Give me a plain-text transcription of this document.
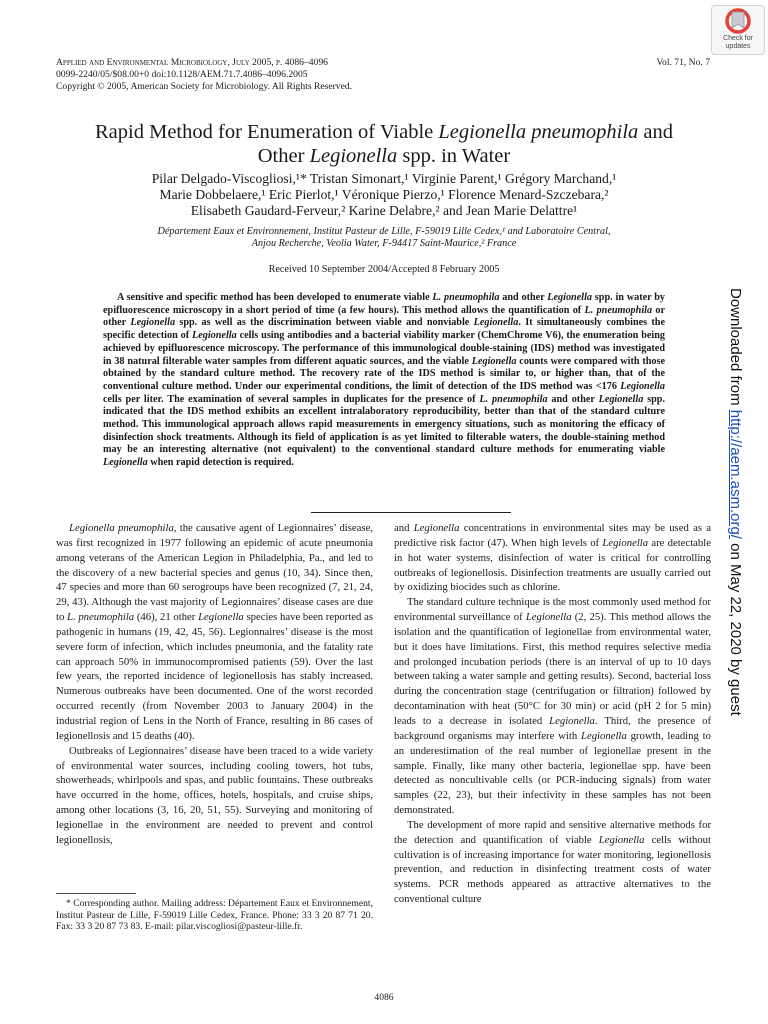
Applied and Environmental Microbiology, July 2005, p. 4086–4096	Vol. 71, No. 7
0099-2240/05/$08.00+0 doi:10.1128/AEM.71.7.4086–4096.2005
Copyright © 2005, American Society for Microbiology. All Rights Reserved.
Check for
updates
Rapid Method for Enumeration of Viable Legionella pneumophila and
Other Legionella spp. in Water
Pilar Delgado-Viscogliosi,¹* Tristan Simonart,¹ Virginie Parent,¹ Grégory Marchand,¹
Marie Dobbelaere,¹ Eric Pierlot,¹ Véronique Pierzo,¹ Florence Menard-Szczebara,²
Elisabeth Gaudard-Ferveur,² Karine Delabre,² and Jean Marie Delattre¹
Département Eaux et Environnement, Institut Pasteur de Lille, F-59019 Lille Cedex,¹ and Laboratoire Central,
Anjou Recherche, Veolia Water, F-94417 Saint-Maurice,² France
Received 10 September 2004/Accepted 8 February 2005

A sensitive and specific method has been developed to enumerate viable L. pneumophila and other Legionella spp. in water by epifluorescence microscopy in a short period of time (a few hours). This method allows the quantification of L. pneumophila or other Legionella spp. as well as the discrimination between viable and nonviable Legionella. It simultaneously combines the specific detection of Legionella cells using antibodies and a bacterial viability marker (ChemChrome V6), the enumeration being achieved by epifluorescence microscopy. The performance of this immunological double-staining (IDS) method was investigated in 38 natural filterable water samples from different aquatic sources, and the viable Legionella counts were compared with those obtained by the standard culture method. The recovery rate of the IDS method is similar to, or higher than, that of the conventional culture method. Under our experimental conditions, the limit of detection of the IDS method was <176 Legionella cells per liter. The examination of several samples in duplicates for the presence of L. pneumophila and other Legionella spp. indicated that the IDS method exhibits an excellent intralaboratory reproducibility, better than that of the standard culture method. This immunological approach allows rapid measurements in emergency situations, such as monitoring the efficacy of disinfection shock treatments. Although its field of application is as yet limited to filterable waters, the double-staining method may be an interesting alternative (not equivalent) to the conventional standard culture methods for enumerating viable Legionella when rapid detection is required.

Legionella pneumophila, the causative agent of Legionnaires’ disease, was first recognized in 1977 following an epidemic of acute pneumonia among veterans of the American Legion in Philadelphia, Pa., and led to the discovery of a new bacterial species and genus (10, 34). Since then, 47 species and more than 60 serogroups have been recognized (7, 21, 24, 29, 43). Although the vast majority of Legionnaires’ disease cases are due to L. pneumophila (46), 21 other Legionella species have been reported as pathogenic in humans (19, 42, 45, 56). Legionnaires’ disease is the most severe form of infection, which includes pneumonia, and the fatality rate can approach 50% in immunocompromised patients (59). Over the last few years, the reported incidence of legionellosis has stably increased. Numerous outbreaks have been documented. One of the worst recorded occurred recently (from November 2003 to January 2004) in the industrial region of Lens in the North of France, resulting in 86 cases of legionellosis and 15 deaths (40).

Outbreaks of Legionnaires’ disease have been traced to a wide variety of environmental water sources, including cooling towers, hot tubs, showerheads, whirlpools and spas, and public fountains. These outbreaks have occurred in the home, offices, hotels, hospitals, and cruise ships, among other locations (3, 16, 20, 51, 55). Surveying and monitoring of legionellae in the environment are needed to prevent and control legionellosis,

and Legionella concentrations in environmental sites may be used as a predictive risk factor (47). When high levels of Legionella are detectable in hot water systems, disinfection of water is critical for controlling outbreaks of legionellosis. Disinfection treatments are usually carried out by oxidizing biocides such as chlorine.

The standard culture technique is the most commonly used method for environmental surveillance of Legionella (2, 25). This method allows the isolation and the quantification of legionellae from environmental water, but it does have limitations. First, this method requires selective media and prolonged incubation periods (there is an interval of up to 10 days between taking a water sample and getting results). Second, bacterial loss during the concentration stage (centrifugation or filtration) followed by decontamination with heat (50°C for 30 min) or acid (pH 2 for 5 min) leads to a decrease in isolated Legionella. Third, the presence of background organisms may interfere with Legionella growth, leading to an underestimation of the real number of legionellae present in the sample. Finally, like many other bacteria, legionellae spp. have been detected as noncultivable cells (or PCR-inducing signals) from water samples (22, 23), but their infectivity in these samples has not been demonstrated.

The development of more rapid and sensitive alternative methods for the detection and quantification of viable Legionella cells without cultivation is of increasing importance for water monitoring, legionellosis prevention, and reduction in disinfecting treatment costs of water systems. PCR methods appeared as attractive alternatives to the conventional culture

* Corresponding author. Mailing address: Département Eaux et Environnement, Institut Pasteur de Lille, F-59019 Lille Cedex, France. Phone: 33 3 20 87 71 20. Fax: 33 3 20 87 73 83. E-mail: pilar.viscogliosi@pasteur-lille.fr.

4086
Downloaded from http://aem.asm.org/ on May 22, 2020 by guest
